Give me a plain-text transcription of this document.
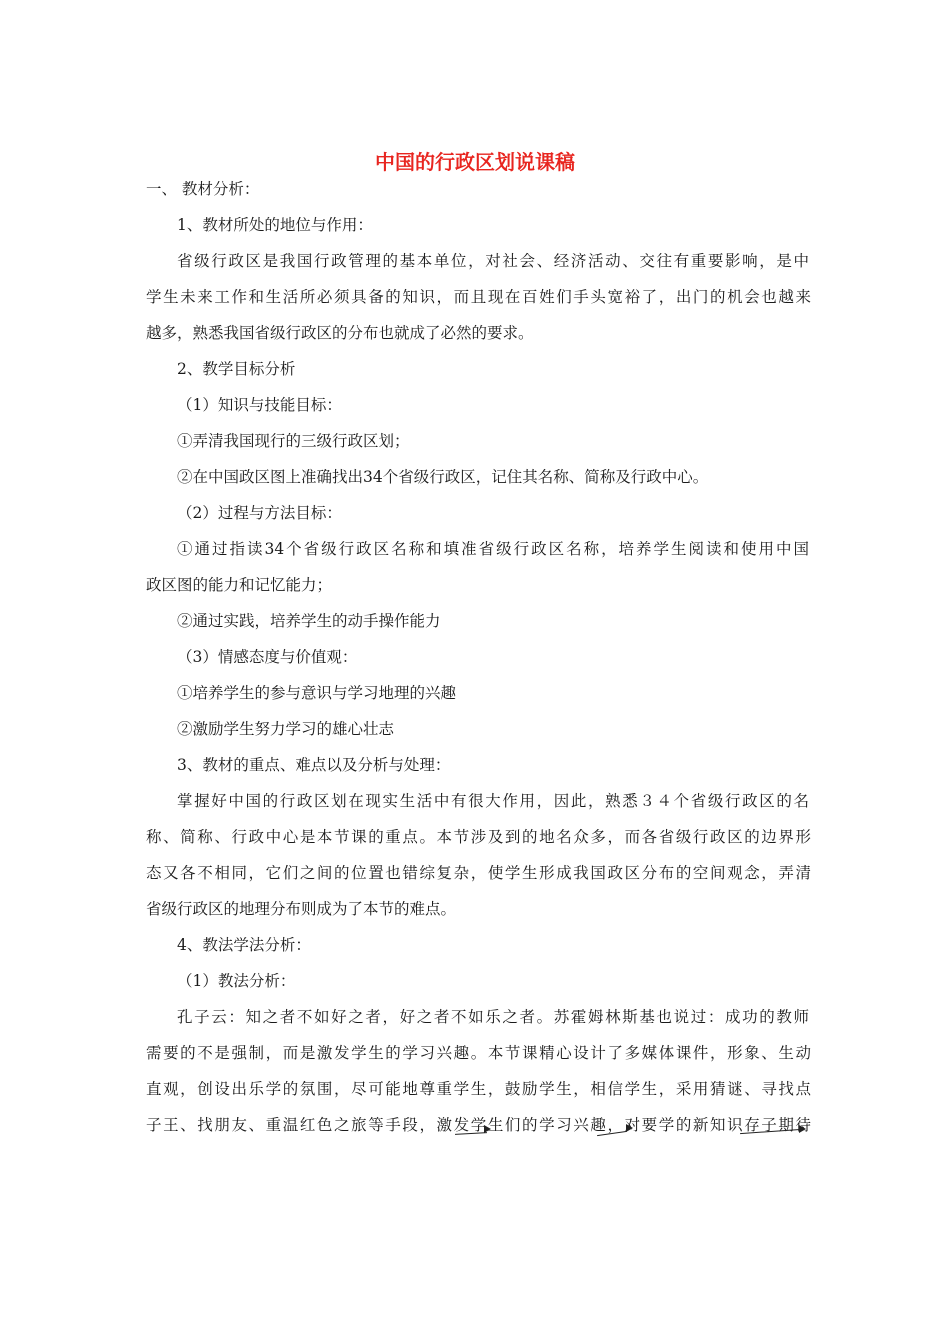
中国的行政区划说课稿
一、 教材分析：
1、教材所处的地位与作用：
省级行政区是我国行政管理的基本单位，对社会、经济活动、交往有重要影响，是中
学生未来工作和生活所必须具备的知识，而且现在百姓们手头宽裕了，出门的机会也越来
越多，熟悉我国省级行政区的分布也就成了必然的要求。
2、教学目标分析
（1）知识与技能目标：
①弄清我国现行的三级行政区划；
②在中国政区图上准确找出34个省级行政区，记住其名称、简称及行政中心。
（2）过程与方法目标：
①通过指读34个省级行政区名称和填准省级行政区名称，培养学生阅读和使用中国
政区图的能力和记忆能力；
②通过实践，培养学生的动手操作能力
（3）情感态度与价值观：
①培养学生的参与意识与学习地理的兴趣
②激励学生努力学习的雄心壮志
3、教材的重点、难点以及分析与处理：
掌握好中国的行政区划在现实生活中有很大作用，因此，熟悉３４个省级行政区的名
称、简称、行政中心是本节课的重点。本节涉及到的地名众多，而各省级行政区的边界形
态又各不相同，它们之间的位置也错综复杂，使学生形成我国政区分布的空间观念，弄清
省级行政区的地理分布则成为了本节的难点。
4、教法学法分析：
（1）教法分析：
孔子云：知之者不如好之者，好之者不如乐之者。苏霍姆林斯基也说过：成功的教师
需要的不是强制，而是激发学生的学习兴趣。本节课精心设计了多媒体课件，形象、生动
直观，创设出乐学的氛围，尽可能地尊重学生，鼓励学生，相信学生，采用猜谜、寻找点
子王、找朋友、重温红色之旅等手段，激发学生们的学习兴趣，对要学的新知识存子期待
